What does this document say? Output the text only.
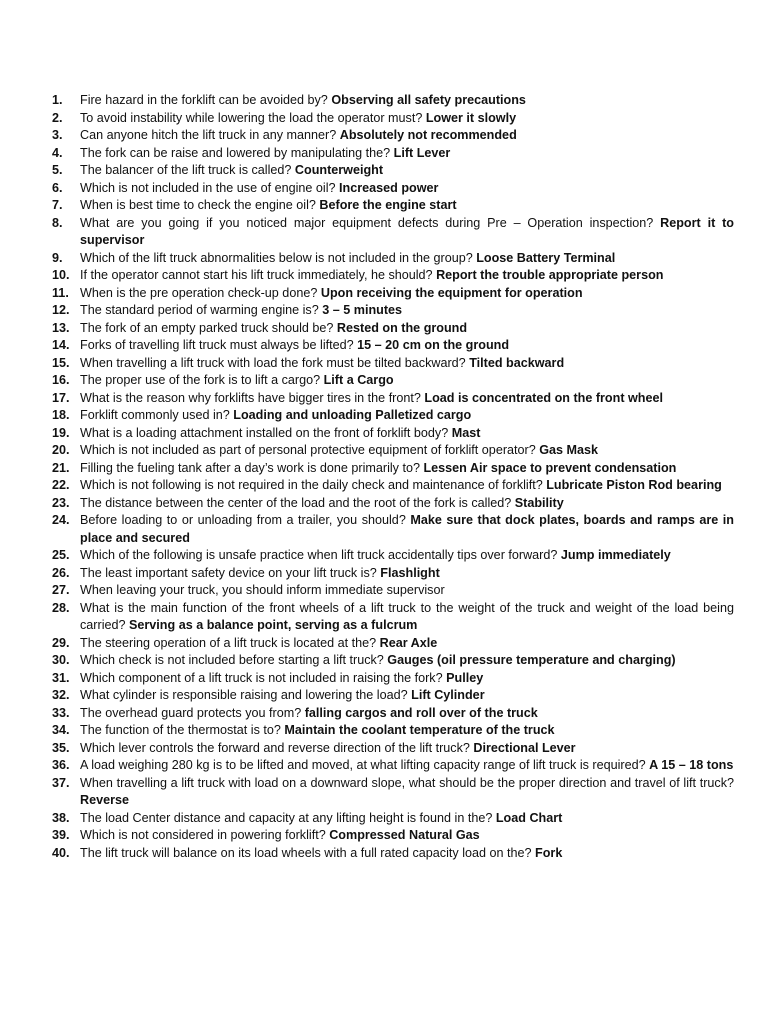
1.	Fire hazard in the forklift can be avoided by? Observing all safety precautions
2.	To avoid instability while lowering the load the operator must? Lower it slowly
3.	Can anyone hitch the lift truck in any manner? Absolutely not recommended
4.	The fork can be raise and lowered by manipulating the? Lift Lever
5.	The balancer of the lift truck is called? Counterweight
6.	Which is not included in the use of engine oil? Increased power
7.	When is best time to check the engine oil? Before the engine start
8.	What are you going if you noticed major equipment defects during Pre – Operation inspection? Report it to supervisor
9.	Which of the lift truck abnormalities below is not included in the group? Loose Battery Terminal
10. If the operator cannot start his lift truck immediately, he should? Report the trouble appropriate person
11. When is the pre operation check-up done? Upon receiving the equipment for operation
12. The standard period of warming engine is? 3 – 5 minutes
13. The fork of an empty parked truck should be? Rested on the ground
14. Forks of travelling lift truck must always be lifted? 15 – 20 cm on the ground
15. When travelling a lift truck with load the fork must be tilted backward? Tilted backward
16. The proper use of the fork is to lift a cargo? Lift a Cargo
17. What is the reason why forklifts have bigger tires in the front? Load is concentrated on the front wheel
18. Forklift commonly used in? Loading and unloading Palletized cargo
19. What is a loading attachment installed on the front of forklift body? Mast
20. Which is not included as part of personal protective equipment of forklift operator? Gas Mask
21. Filling the fueling tank after a day’s work is done primarily to? Lessen Air space to prevent condensation
22. Which is not following is not required in the daily check and maintenance of forklift? Lubricate Piston Rod bearing
23. The distance between the center of the load and the root of the fork is called? Stability
24. Before loading to or unloading from a trailer, you should? Make sure that dock plates, boards and ramps are in place and secured
25. Which of the following is unsafe practice when lift truck accidentally tips over forward? Jump immediately
26. The least important safety device on your lift truck is? Flashlight
27. When leaving your truck, you should inform immediate supervisor
28. What is the main function of the front wheels of a lift truck to the weight of the truck and weight of the load being carried? Serving as a balance point, serving as a fulcrum
29. The steering operation of a lift truck is located at the? Rear Axle
30. Which check is not included before starting a lift truck? Gauges (oil pressure temperature and charging)
31. Which component of a lift truck is not included in raising the fork? Pulley
32. What cylinder is responsible raising and lowering the load? Lift Cylinder
33. The overhead guard protects you from? falling cargos and roll over of the truck
34. The function of the thermostat is to? Maintain the coolant temperature of the truck
35. Which lever controls the forward and reverse direction of the lift truck? Directional Lever
36. A load weighing 280 kg is to be lifted and moved, at what lifting capacity range of lift truck is required? A 15 – 18 tons
37. When travelling a lift truck with load on a downward slope, what should be the proper direction and travel of lift truck? Reverse
38. The load Center distance and capacity at any lifting height is found in the? Load Chart
39. Which is not considered in powering forklift? Compressed Natural Gas
40. The lift truck will balance on its load wheels with a full rated capacity load on the? Fork
